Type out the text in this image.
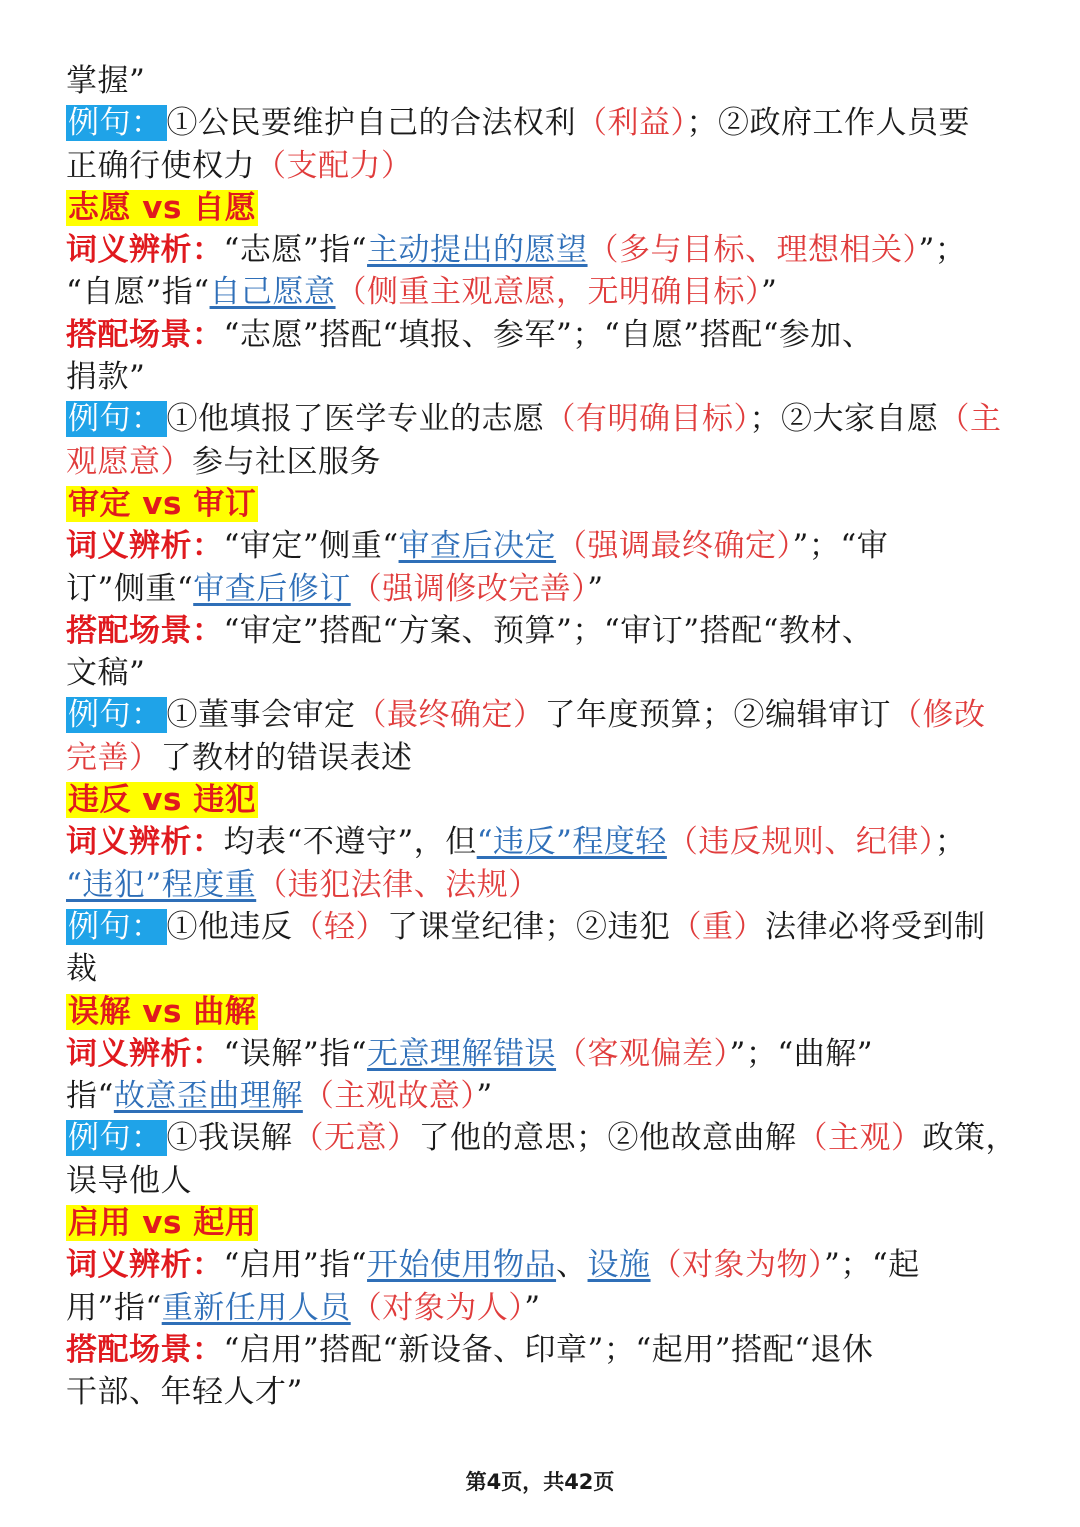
掌握”
例句： ①公民要维护自己的合法权利（利益）；②政府工作人员要
正确行使权力（支配力）
志愿 vs 自愿
词义辨析：“志愿”指“主动提出的愿望（多与目标、理想相关）”；
“自愿”指“自己愿意（侧重主观意愿，无明确目标）”
搭配场景：“志愿”搭配“填报、参军”；“自愿”搭配“参加、
捐款”
例句： ①他填报了医学专业的志愿（有明确目标）；②大家自愿（主
观愿意）参与社区服务
审定 vs 审订
词义辨析：“审定”侧重“审查后决定（强调最终确定）”；“审
订”侧重“审查后修订（强调修改完善）”
搭配场景：“审定”搭配“方案、预算”；“审订”搭配“教材、
文稿”
例句： ①董事会审定（最终确定）了年度预算；②编辑审订（修改
完善）了教材的错误表述
违反 vs 违犯
词义辨析：均表“不遵守”，但“违反”程度轻（违反规则、纪律）；
“违犯”程度重（违犯法律、法规）
例句： ①他违反（轻）了课堂纪律；②违犯（重）法律必将受到制
裁
误解 vs 曲解
词义辨析：“误解”指“无意理解错误（客观偏差）”；“曲解”
指“故意歪曲理解（主观故意）”
例句： ①我误解（无意）了他的意思；②他故意曲解（主观）政策，
误导他人
启用 vs 起用
词义辨析：“启用”指“开始使用物品、设施（对象为物）”；“起
用”指“重新任用人员（对象为人）”
搭配场景：“启用”搭配“新设备、印章”；“起用”搭配“退休
干部、年轻人才”
第4页，共42页
